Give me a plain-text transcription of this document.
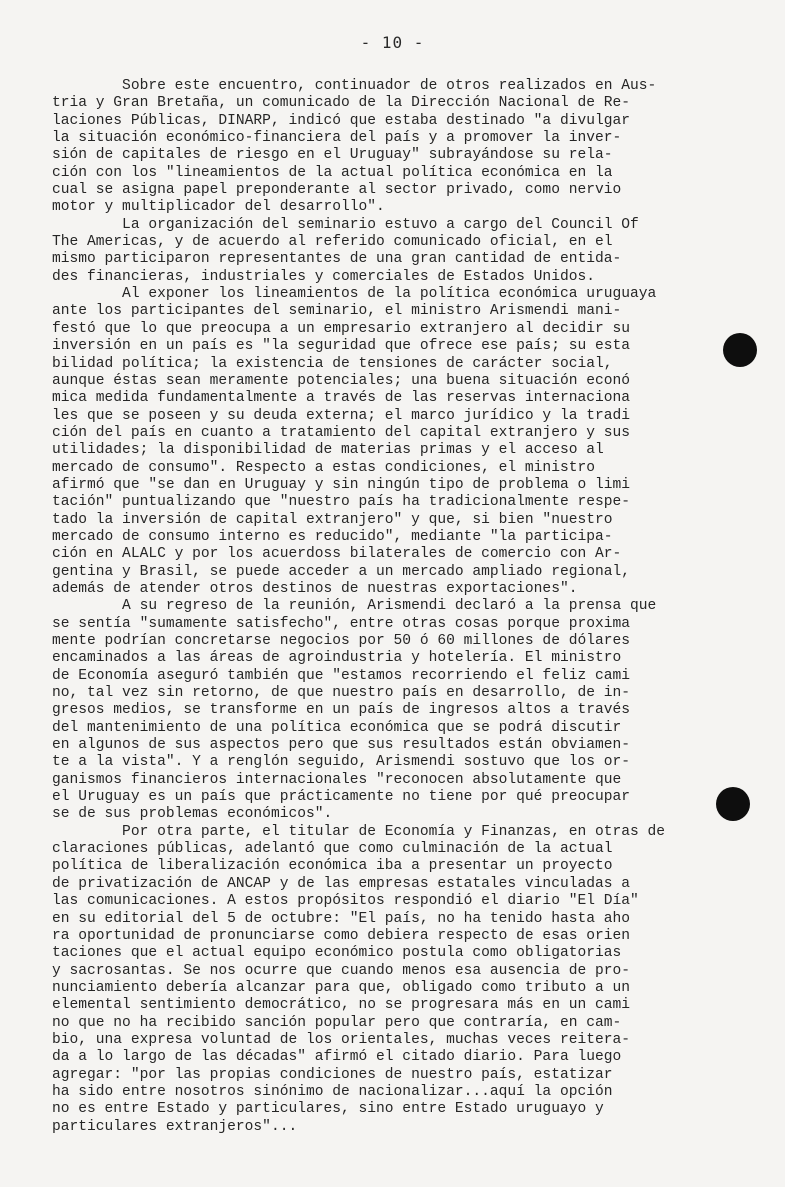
- 10 -
Sobre este encuentro, continuador de otros realizados en Aus-
tria y Gran Bretaña, un comunicado de la Dirección Nacional de Re-
laciones Públicas, DINARP, indicó que estaba destinado "a divulgar
la situación económico-financiera del país y a promover la inver-
sión de capitales de riesgo en el Uruguay" subrayándose su rela-
ción con los "lineamientos de la actual política económica en la
cual se asigna papel preponderante al sector privado, como nervio
motor y multiplicador del desarrollo".
La organización del seminario estuvo a cargo del Council Of
The Americas, y de acuerdo al referido comunicado oficial, en el
mismo participaron representantes de una gran cantidad de entida-
des financieras, industriales y comerciales de Estados Unidos.
Al exponer los lineamientos de la política económica uruguaya
ante los participantes del seminario, el ministro Arismendi mani-
festó que lo que preocupa a un empresario extranjero al decidir su
inversión en un país es "la seguridad que ofrece ese país; su esta
bilidad política; la existencia de tensiones de carácter social,
aunque éstas sean meramente potenciales; una buena situación econó
mica medida fundamentalmente a través de las reservas internaciona
les que se poseen y su deuda externa; el marco jurídico y la tradi
ción del país en cuanto a tratamiento del capital extranjero y sus
utilidades; la disponibilidad de materias primas y el acceso al
mercado de consumo". Respecto a estas condiciones, el ministro
afirmó que "se dan en Uruguay y sin ningún tipo de problema o limi
tación" puntualizando que "nuestro país ha tradicionalmente respe-
tado la inversión de capital extranjero" y que, si bien "nuestro
mercado de consumo interno es reducido", mediante "la participa-
ción en ALALC y por los acuerdoss bilaterales de comercio con Ar-
gentina y Brasil, se puede acceder a un mercado ampliado regional,
además de atender otros destinos de nuestras exportaciones".
A su regreso de la reunión, Arismendi declaró a la prensa que
se sentía "sumamente satisfecho", entre otras cosas porque proxima
mente podrían concretarse negocios por 50 ó 60 millones de dólares
encaminados a las áreas de agroindustria y hotelería. El ministro
de Economía aseguró también que "estamos recorriendo el feliz cami
no, tal vez sin retorno, de que nuestro país en desarrollo, de in-
gresos medios, se transforme en un país de ingresos altos a través
del mantenimiento de una política económica que se podrá discutir
en algunos de sus aspectos pero que sus resultados están obviamen-
te a la vista". Y a renglón seguido, Arismendi sostuvo que los or-
ganismos financieros internacionales "reconocen absolutamente que
el Uruguay es un país que prácticamente no tiene por qué preocupar
se de sus problemas económicos".
Por otra parte, el titular de Economía y Finanzas, en otras de
claraciones públicas, adelantó que como culminación de la actual
política de liberalización económica iba a presentar un proyecto
de privatización de ANCAP y de las empresas estatales vinculadas a
las comunicaciones. A estos propósitos respondió el diario "El Día"
en su editorial del 5 de octubre: "El país, no ha tenido hasta aho
ra oportunidad de pronunciarse como debiera respecto de esas orien
taciones que el actual equipo económico postula como obligatorias
y sacrosantas. Se nos ocurre que cuando menos esa ausencia de pro-
nunciamiento debería alcanzar para que, obligado como tributo a un
elemental sentimiento democrático, no se progresara más en un cami
no que no ha recibido sanción popular pero que contraría, en cam-
bio, una expresa voluntad de los orientales, muchas veces reitera-
da a lo largo de las décadas" afirmó el citado diario. Para luego
agregar: "por las propias condiciones de nuestro país, estatizar
ha sido entre nosotros sinónimo de nacionalizar...aquí la opción
no es entre Estado y particulares, sino entre Estado uruguayo y
particulares extranjeros"...
